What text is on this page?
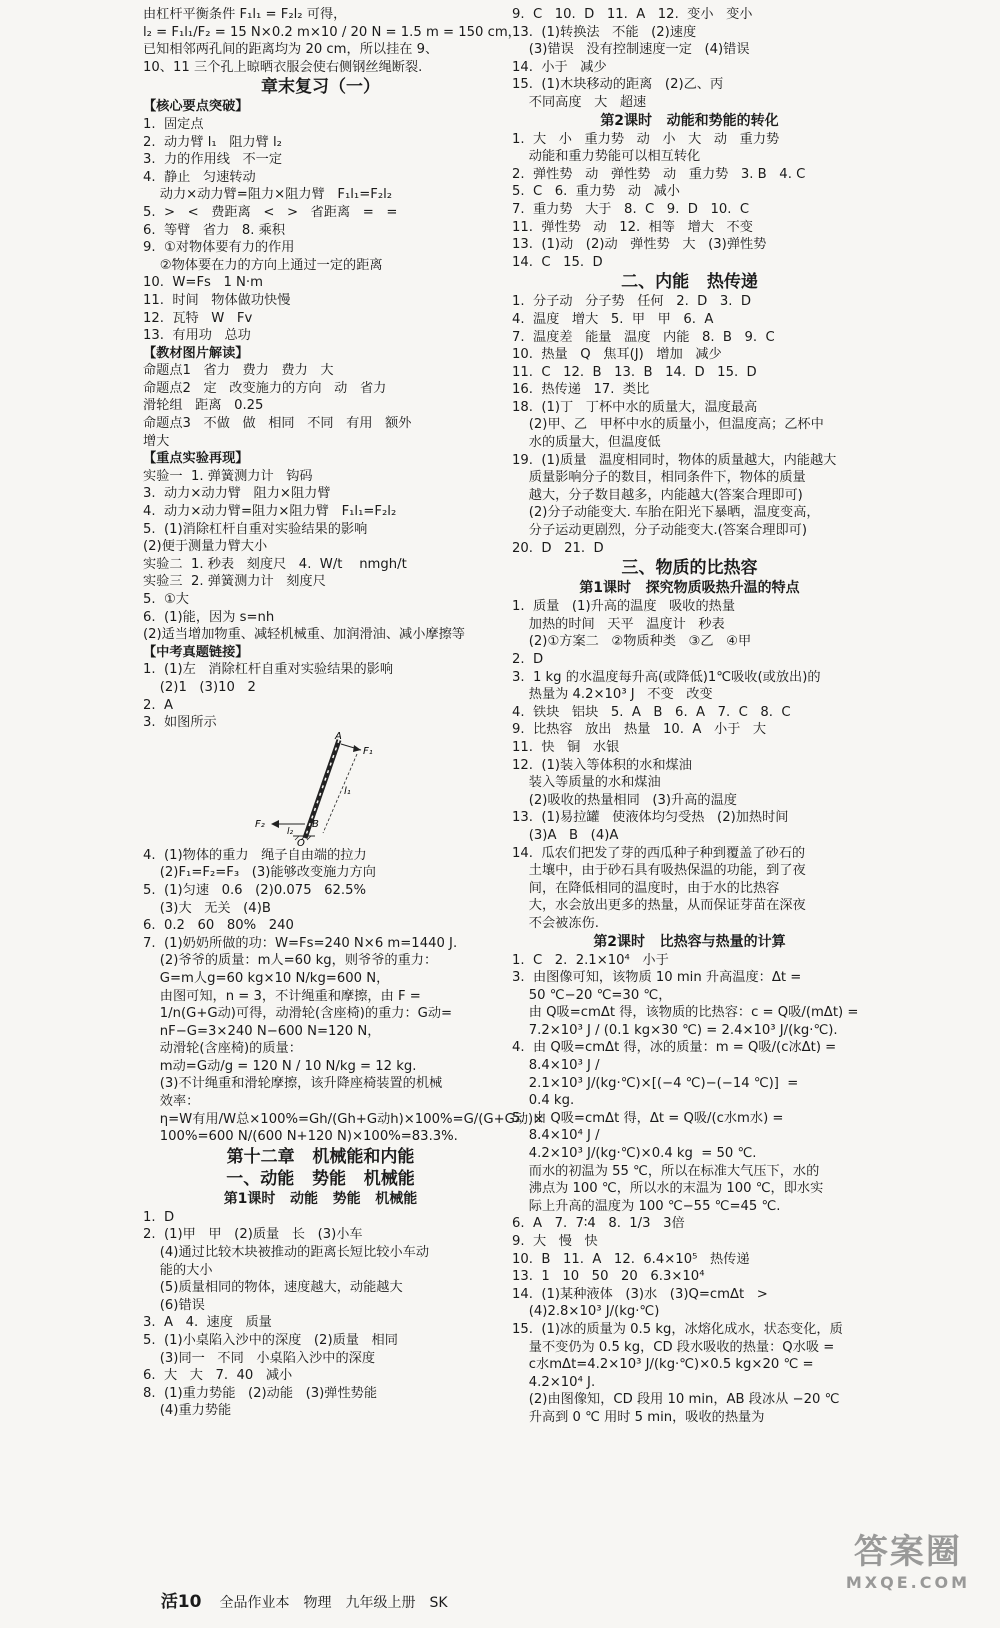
由杠杆平衡条件 F₁l₁ = F₂l₂ 可得，
l₂ = F₁l₁/F₂ = 15 N×0.2 m×10 / 20 N = 1.5 m = 150 cm，
已知相邻两孔间的距离均为 20 cm，所以挂在 9、
10、11 三个孔上晾晒衣服会使右侧钢丝绳断裂.
章末复习（一）
【核心要点突破】
1.  固定点
2.  动力臂 l₁   阻力臂 l₂
3.  力的作用线   不一定
4.  静止   匀速转动
动力×动力臂=阻力×阻力臂   F₁l₁=F₂l₂
5.  >   <   费距离   <   >   省距离   =   =
6.  等臂   省力   8. 乘积
9.  ①对物体要有力的作用
②物体要在力的方向上通过一定的距离
10.  W=Fs   1 N·m
11.  时间   物体做功快慢
12.  瓦特   W   Fv
13.  有用功   总功
【教材图片解读】
命题点1   省力   费力   费力   大
命题点2   定   改变施力的方向   动   省力
滑轮组   距离   0.25
命题点3   不做   做   相同   不同   有用   额外
增大
【重点实验再现】
实验一  1. 弹簧测力计   钩码
3.  动力×动力臂   阻力×阻力臂
4.  动力×动力臂=阻力×阻力臂   F₁l₁=F₂l₂
5.  (1)消除杠杆自重对实验结果的影响
(2)便于测量力臂大小
实验二  1. 秒表   刻度尺   4.  W/t    nmgh/t
实验三  2. 弹簧测力计   刻度尺
5.  ①大
6.  (1)能，因为 s=nh
(2)适当增加物重、减轻机械重、加润滑油、减小摩擦等
【中考真题链接】
1.  (1)左   消除杠杆自重对实验结果的影响
(2)1   (3)10   2
2.  A
3.  如图所示
A
F₁
l₁
F₂	B
O
l₂
4.  (1)物体的重力   绳子自由端的拉力
(2)F₁=F₂=F₃   (3)能够改变施力方向
5.  (1)匀速   0.6   (2)0.075   62.5%
(3)大   无关   (4)B
6.  0.2   60   80%   240
7.  (1)奶奶所做的功：W=Fs=240 N×6 m=1440 J.
(2)爷爷的质量：m人=60 kg，则爷爷的重力：
G=m人g=60 kg×10 N/kg=600 N，
由图可知，n = 3，不计绳重和摩擦，由 F =
1/n(G+G动)可得，动滑轮(含座椅)的重力：G动=
nF−G=3×240 N−600 N=120 N，
动滑轮(含座椅)的质量：
m动=G动/g = 120 N / 10 N/kg = 12 kg.
(3)不计绳重和滑轮摩擦，该升降座椅装置的机械
效率：
η=W有用/W总×100%=Gh/(Gh+G动h)×100%=G/(G+G动)×
100%=600 N/(600 N+120 N)×100%=83.3%.
第十二章   机械能和内能
一、动能   势能   机械能
第1课时   动能   势能   机械能
1.  D
2.  (1)甲   甲   (2)质量   长   (3)小车
(4)通过比较木块被推动的距离长短比较小车动
能的大小
(5)质量相同的物体，速度越大，动能越大
(6)错误
3.  A   4.  速度   质量
5.  (1)小桌陷入沙中的深度   (2)质量   相同
(3)同一   不同   小桌陷入沙中的深度
6.  大   大   7.  40   减小
8.  (1)重力势能   (2)动能   (3)弹性势能
(4)重力势能
9.  C   10.  D   11.  A   12.  变小   变小
13.  (1)转换法   不能   (2)速度
(3)错误   没有控制速度一定   (4)错误
14.  小于   减少
15.  (1)木块移动的距离   (2)乙、丙
不同高度   大   超速
第2课时   动能和势能的转化
1.  大   小   重力势   动   小   大   动   重力势
动能和重力势能可以相互转化
2.  弹性势   动   弹性势   动   重力势   3. B   4. C
5.  C   6.  重力势   动   减小
7.  重力势   大于   8.  C   9.  D   10.  C
11.  弹性势   动   12.  相等   增大   不变
13.  (1)动   (2)动   弹性势   大   (3)弹性势
14.  C   15.  D
二、内能   热传递
1.  分子动   分子势   任何   2.  D   3.  D
4.  温度   增大   5.  甲   甲   6.  A
7.  温度差   能量   温度   内能   8.  B   9.  C
10.  热量   Q   焦耳(J)   增加   减少
11.  C   12.  B   13.  B   14.  D   15.  D
16.  热传递   17.  类比
18.  (1)丁   丁杯中水的质量大，温度最高
(2)甲、乙   甲杯中水的质量小，但温度高；乙杯中
水的质量大，但温度低
19.  (1)质量   温度相同时，物体的质量越大，内能越大
质量影响分子的数目，相同条件下，物体的质量
越大，分子数目越多，内能越大(答案合理即可)
(2)分子动能变大. 车胎在阳光下暴晒，温度变高，
分子运动更剧烈，分子动能变大.(答案合理即可)
20.  D   21.  D
三、物质的比热容
第1课时   探究物质吸热升温的特点
1.  质量   (1)升高的温度   吸收的热量
加热的时间   天平   温度计   秒表
(2)①方案二   ②物质种类   ③乙   ④甲
2.  D
3.  1 kg 的水温度每升高(或降低)1℃吸收(或放出)的
热量为 4.2×10³ J   不变   改变
4.  铁块   铝块   5.  A   B   6.  A   7.  C   8.  C
9.  比热容   放出   热量   10.  A   小于   大
11.  快   铜   水银
12.  (1)装入等体积的水和煤油
装入等质量的水和煤油
(2)吸收的热量相同   (3)升高的温度
13.  (1)易拉罐   使液体均匀受热   (2)加热时间
(3)A   B   (4)A
14.  瓜农们把发了芽的西瓜种子种到覆盖了砂石的
土壤中，由于砂石具有吸热保温的功能，到了夜
间，在降低相同的温度时，由于水的比热容
大，水会放出更多的热量，从而保证芽苗在深夜
不会被冻伤.
第2课时   比热容与热量的计算
1.  C   2.  2.1×10⁴   小于
3.  由图像可知，该物质 10 min 升高温度：Δt =
50 ℃−20 ℃=30 ℃，
由 Q吸=cmΔt 得，该物质的比热容：c = Q吸/(mΔt) =
7.2×10³ J / (0.1 kg×30 ℃) = 2.4×10³ J/(kg·℃).
4.  由 Q吸=cmΔt 得，冰的质量：m = Q吸/(c冰Δt) =
8.4×10³ J /
2.1×10³ J/(kg·℃)×[(−4 ℃)−(−14 ℃)]  =
0.4 kg.
5.  由 Q吸=cmΔt 得，Δt = Q吸/(c水m水) =
8.4×10⁴ J /
4.2×10³ J/(kg·℃)×0.4 kg  = 50 ℃.
而水的初温为 55 ℃，所以在标准大气压下，水的
沸点为 100 ℃，所以水的末温为 100 ℃，即水实
际上升高的温度为 100 ℃−55 ℃=45 ℃.
6.  A   7.  7∶4   8.  1/3   3倍
9.  大   慢   快
10.  B   11.  A   12.  6.4×10⁵   热传递
13.  1   10   50   20   6.3×10⁴
14.  (1)某种液体   (3)水   (3)Q=cmΔt   >
(4)2.8×10³ J/(kg·℃)
15.  (1)冰的质量为 0.5 kg，冰熔化成水，状态变化，质
量不变仍为 0.5 kg，CD 段水吸收的热量：Q水吸 =
c水mΔt=4.2×10³ J/(kg·℃)×0.5 kg×20 ℃ =
4.2×10⁴ J.
(2)由图像知，CD 段用 10 min，AB 段冰从 −20 ℃
升高到 0 ℃ 用时 5 min，吸收的热量为

活10 全品作业本 物理 九年级上册 SK

答案圈
MXQE.COM
